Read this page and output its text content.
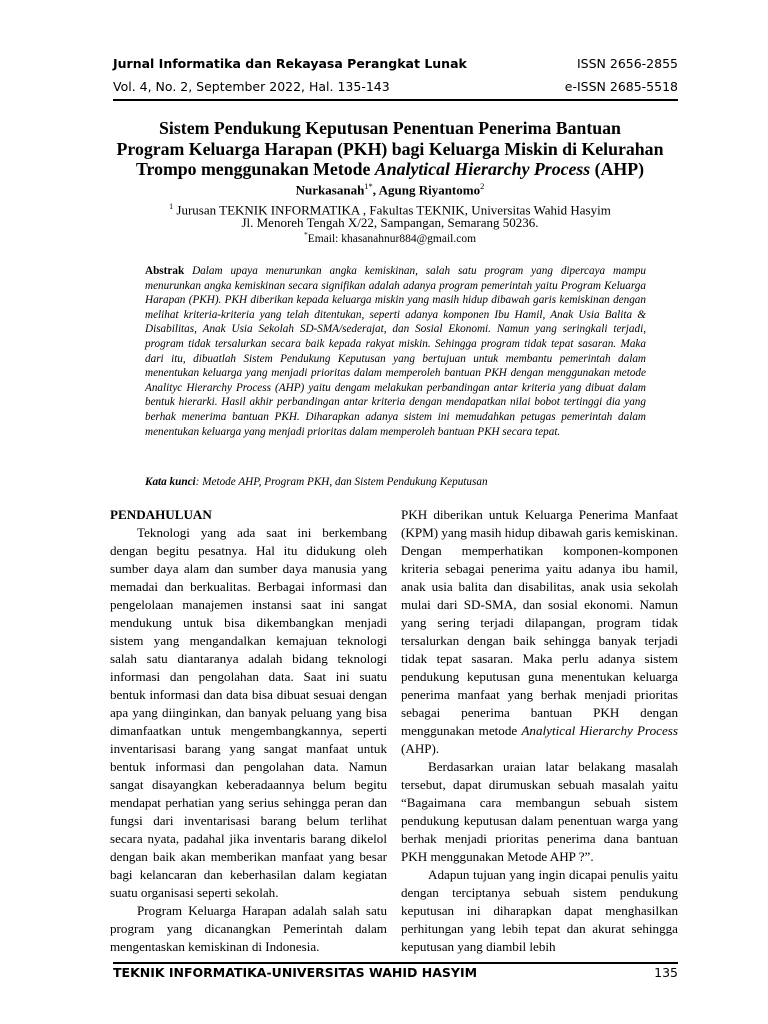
Jurnal Informatika dan Rekayasa Perangkat Lunak	ISSN 2656-2855
Vol. 4, No. 2, September 2022, Hal. 135-143	e-ISSN 2685-5518
Sistem Pendukung Keputusan Penentuan Penerima Bantuan
Program Keluarga Harapan (PKH) bagi Keluarga Miskin di Kelurahan
Trompo menggunakan Metode Analytical Hierarchy Process (AHP)
Nurkasanah$^{1*}$, Agung Riyantomo$^2$
$^1$ Jurusan TEKNIK INFORMATIKA , Fakultas TEKNIK, Universitas Wahid Hasyim
Jl. Menoreh Tengah X/22, Sampangan, Semarang 50236.
*Email: khasanahnur884@gmail.com
Abstrak Dalam upaya menurunkan angka kemiskinan, salah satu program yang dipercaya mampu menurunkan angka kemiskinan secara signifikan adalah adanya program pemerintah yaitu Program Keluarga Harapan (PKH). PKH diberikan kepada keluarga miskin yang masih hidup dibawah garis kemiskinan dengan melihat kriteria-kriteria yang telah ditentukan, seperti adanya komponen Ibu Hamil, Anak Usia Balita & Disabilitas, Anak Usia Sekolah SD-SMA/sederajat, dan Sosial Ekonomi. Namun yang seringkali terjadi, program tidak tersalurkan secara baik kepada rakyat miskin. Sehingga program tidak tepat sasaran. Maka dari itu, dibuatlah Sistem Pendukung Keputusan yang bertujuan untuk membantu pemerintah dalam menentukan keluarga yang menjadi prioritas dalam memperoleh bantuan PKH dengan menggunakan metode Analityc Hierarchy Process (AHP) yaitu dengam melakukan perbandingan antar kriteria yang dibuat dalam bentuk hierarki. Hasil akhir perbandingan antar kriteria dengan mendapatkan nilai bobot tertinggi dia yang berhak menerima bantuan PKH. Diharapkan adanya sistem ini memudahkan petugas pemerintah dalam menentukan keluarga yang menjadi prioritas dalam memperoleh bantuan PKH secara tepat.
Kata kunci: Metode AHP, Program PKH, dan Sistem Pendukung Keputusan
PENDAHULUAN

Teknologi yang ada saat ini berkembang dengan begitu pesatnya. Hal itu didukung oleh sumber daya alam dan sumber daya manusia yang memadai dan berkualitas. Berbagai informasi dan pengelolaan manajemen instansi saat ini sangat mendukung untuk bisa dikembangkan menjadi sistem yang mengandalkan kemajuan teknologi salah satu diantaranya adalah bidang teknologi informasi dan pengolahan data. Saat ini suatu bentuk informasi dan data bisa dibuat sesuai dengan apa yang diinginkan, dan banyak peluang yang bisa dimanfaatkan untuk mengembangkannya, seperti inventarisasi barang yang sangat manfaat untuk bentuk informasi dan pengolahan data. Namun sangat disayangkan keberadaannya belum begitu mendapat perhatian yang serius sehingga peran dan fungsi dari inventarisasi barang belum terlihat secara nyata, padahal jika inventaris barang dikelol dengan baik akan memberikan manfaat yang besar bagi kelancaran dan keberhasilan dalam kegiatan suatu organisasi seperti sekolah.

Program Keluarga Harapan adalah salah satu program yang dicanangkan Pemerintah dalam mengentaskan kemiskinan di Indonesia.

PKH diberikan untuk Keluarga Penerima Manfaat (KPM) yang masih hidup dibawah garis kemiskinan. Dengan memperhatikan komponen-komponen kriteria sebagai penerima yaitu adanya ibu hamil, anak usia balita dan disabilitas, anak usia sekolah mulai dari SD-SMA, dan sosial ekonomi. Namun yang sering terjadi dilapangan, program tidak tersalurkan dengan baik sehingga banyak terjadi tidak tepat sasaran. Maka perlu adanya sistem pendukung keputusan guna menentukan keluarga penerima manfaat yang berhak menjadi prioritas sebagai penerima bantuan PKH dengan menggunakan metode Analytical Hierarchy Process (AHP).

Berdasarkan uraian latar belakang masalah tersebut, dapat dirumuskan sebuah masalah yaitu “Bagaimana cara membangun sebuah sistem pendukung keputusan dalam penentuan warga yang berhak menjadi prioritas penerima dana bantuan PKH menggunakan Metode AHP ?”.

Adapun tujuan yang ingin dicapai penulis yaitu dengan terciptanya sebuah sistem pendukung keputusan ini diharapkan dapat menghasilkan perhitungan yang lebih tepat dan akurat sehingga keputusan yang diambil lebih

TEKNIK INFORMATIKA-UNIVERSITAS WAHID HASYIM	135
